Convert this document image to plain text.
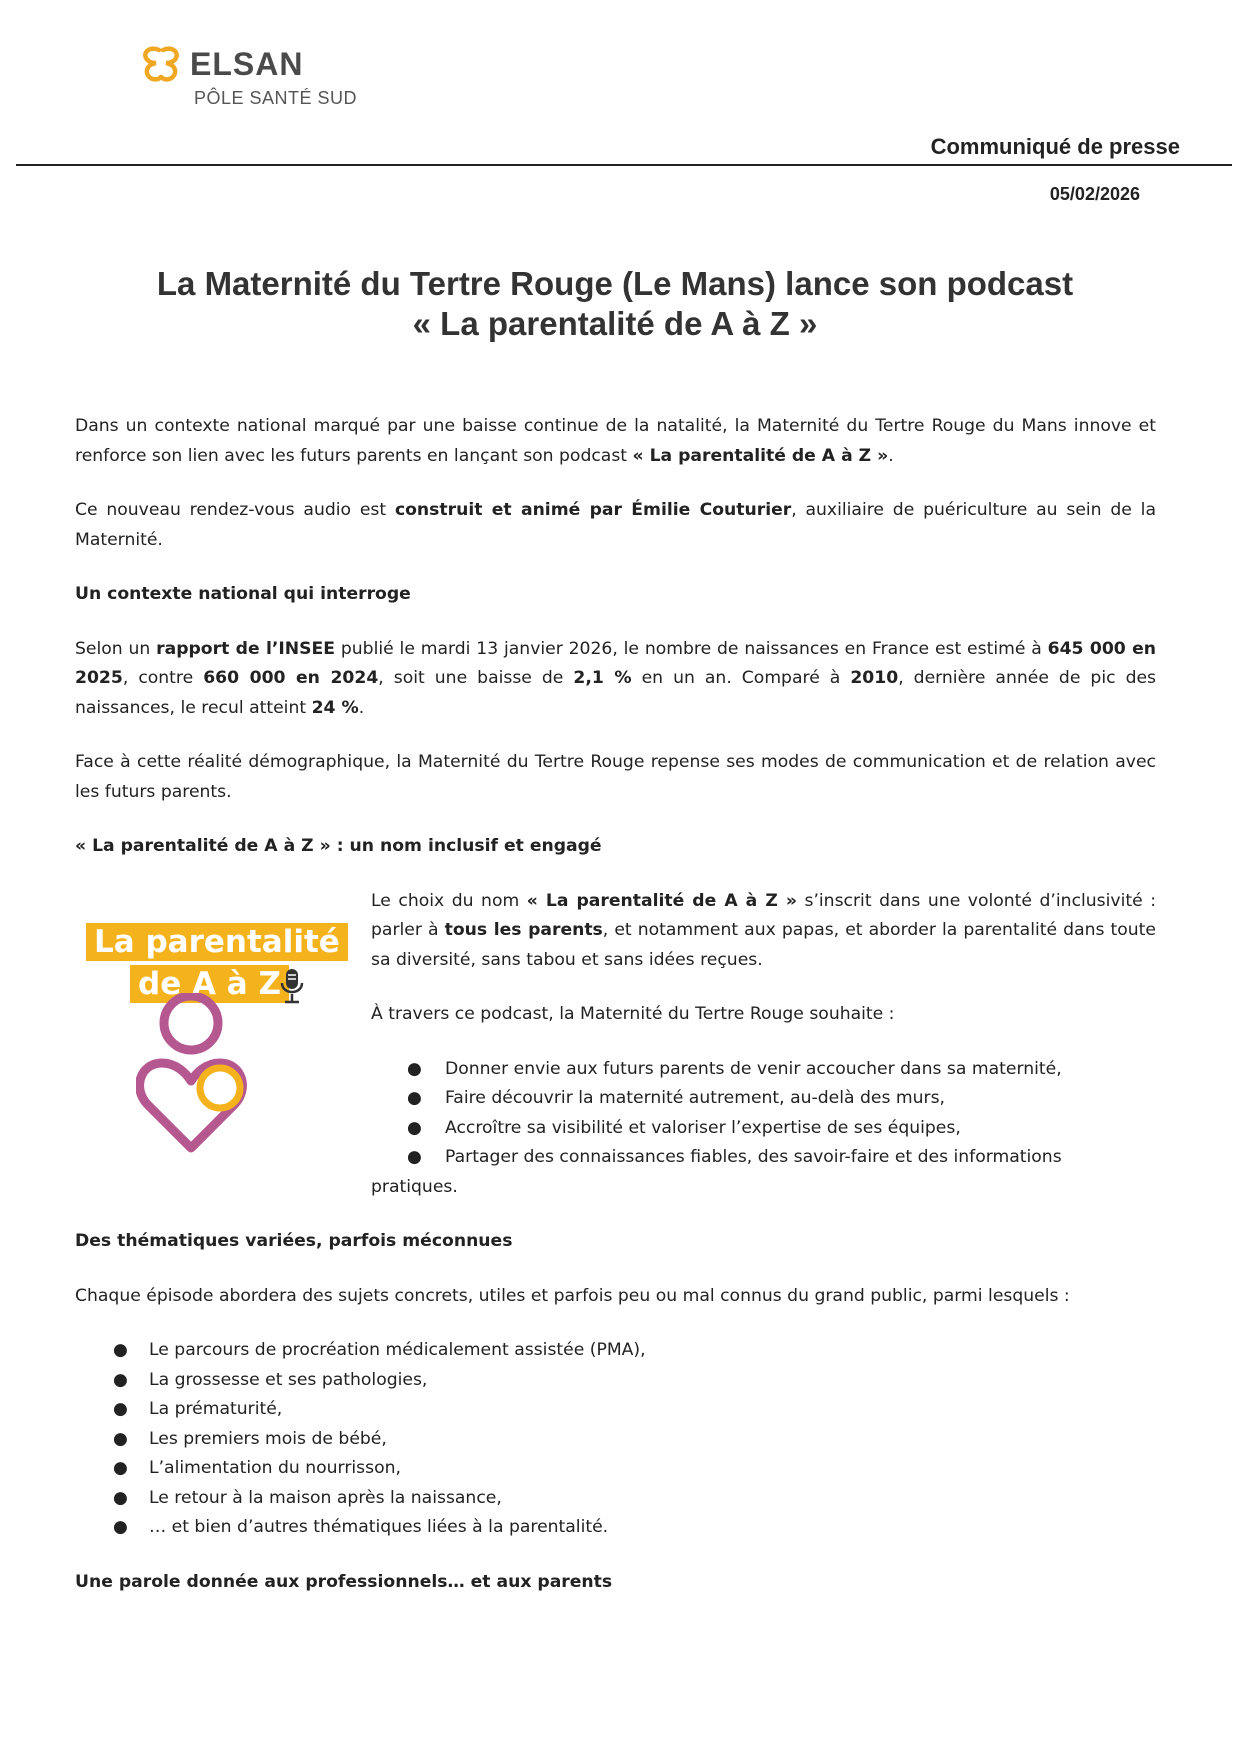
ELSAN
PÔLE SANTÉ SUD
Communiqué de presse
05/02/2026
La Maternité du Tertre Rouge (Le Mans) lance son podcast
« La parentalité de A à Z »

Dans un contexte national marqué par une baisse continue de la natalité, la Maternité du Tertre Rouge du Mans innove et renforce son lien avec les futurs parents en lançant son podcast « La parentalité de A à Z ».

Ce nouveau rendez-vous audio est construit et animé par Émilie Couturier, auxiliaire de puériculture au sein de la Maternité.

Un contexte national qui interroge

Selon un rapport de l’INSEE publié le mardi 13 janvier 2026, le nombre de naissances en France est estimé à 645 000 en 2025, contre 660 000 en 2024, soit une baisse de 2,1 % en un an. Comparé à 2010, dernière année de pic des naissances, le recul atteint 24 %.

Face à cette réalité démographique, la Maternité du Tertre Rouge repense ses modes de communication et de relation avec les futurs parents.

« La parentalité de A à Z » : un nom inclusif et engagé

La parentalité
de A à Z

Le choix du nom « La parentalité de A à Z » s’inscrit dans une volonté d’inclusivité : parler à tous les parents, et notamment aux papas, et aborder la parentalité dans toute sa diversité, sans tabou et sans idées reçues.

À travers ce podcast, la Maternité du Tertre Rouge souhaite :

● Donner envie aux futurs parents de venir accoucher dans sa maternité,
● Faire découvrir la maternité autrement, au-delà des murs,
● Accroître sa visibilité et valoriser l’expertise de ses équipes,
● Partager des connaissances fiables, des savoir-faire et des informations

pratiques.

Des thématiques variées, parfois méconnues

Chaque épisode abordera des sujets concrets, utiles et parfois peu ou mal connus du grand public, parmi lesquels :

● Le parcours de procréation médicalement assistée (PMA),
● La grossesse et ses pathologies,
● La prématurité,
● Les premiers mois de bébé,
● L’alimentation du nourrisson,
● Le retour à la maison après la naissance,
● … et bien d’autres thématiques liées à la parentalité.

Une parole donnée aux professionnels… et aux parents
